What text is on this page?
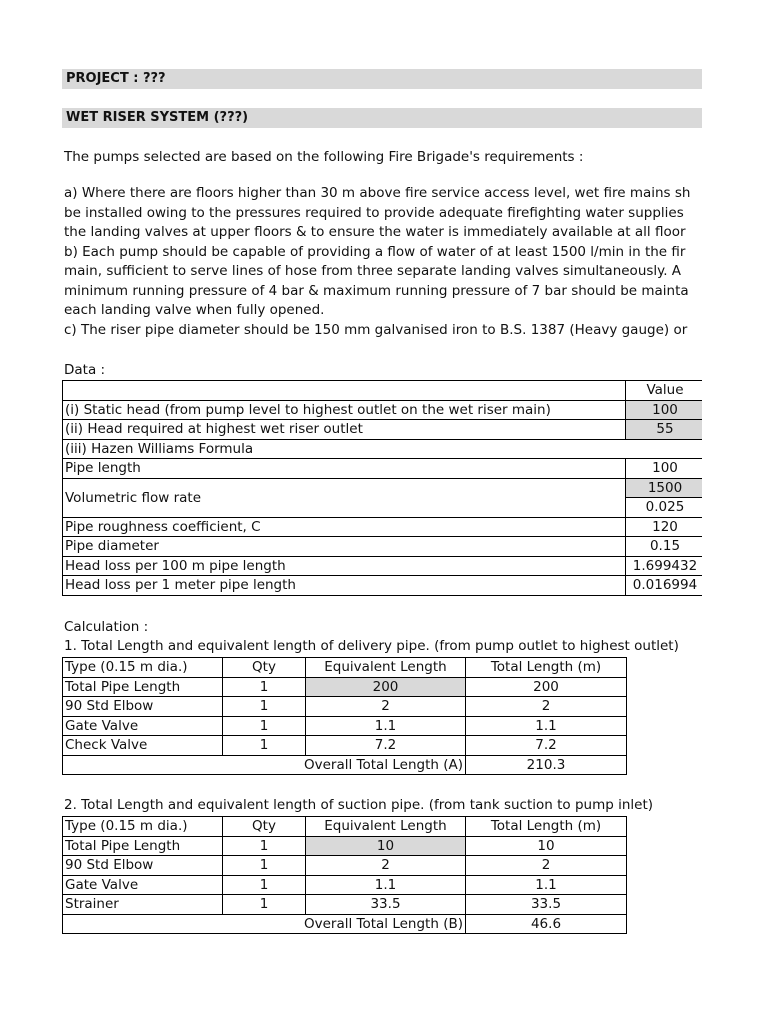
PROJECT : ???
WET RISER SYSTEM (???)
The pumps selected are based on the following Fire Brigade's requirements :
a) Where there are floors higher than 30 m above fire service access level, wet fire mains sh
be installed owing to the pressures required to provide adequate firefighting water supplies
the landing valves at upper floors & to ensure the water is immediately available at all floor
b) Each pump should be capable of providing a flow of water of at least 1500 l/min in the fir
main, sufficient to serve lines of hose from three separate landing valves simultaneously. A
minimum running pressure of 4 bar & maximum running pressure of 7 bar should be mainta
each landing valve when fully opened.
c) The riser pipe diameter should be 150 mm galvanised iron to B.S. 1387 (Heavy gauge) or
Data :
	Value
(i) Static head (from pump level to highest outlet on the wet riser main)	100
(ii) Head required at highest wet riser outlet	55
(iii) Hazen Williams Formula	
Pipe length	100
Volumetric flow rate	1500
	0.025
Pipe roughness coefficient, C	120
Pipe diameter	0.15
Head loss per 100 m pipe length	1.699432
Head loss per 1 meter pipe length	0.016994
Calculation :
1. Total Length and equivalent length of delivery pipe. (from pump outlet to highest outlet)
Type (0.15 m dia.)	Qty	Equivalent Length	Total Length (m)
Total Pipe Length	1	200	200
90 Std Elbow	1	2	2
Gate Valve	1	1.1	1.1
Check Valve	1	7.2	7.2
Overall Total Length (A)			210.3
2. Total Length and equivalent length of suction pipe. (from tank suction to pump inlet)
Type (0.15 m dia.)	Qty	Equivalent Length	Total Length (m)
Total Pipe Length	1	10	10
90 Std Elbow	1	2	2
Gate Valve	1	1.1	1.1
Strainer	1	33.5	33.5
Overall Total Length (B)			46.6
